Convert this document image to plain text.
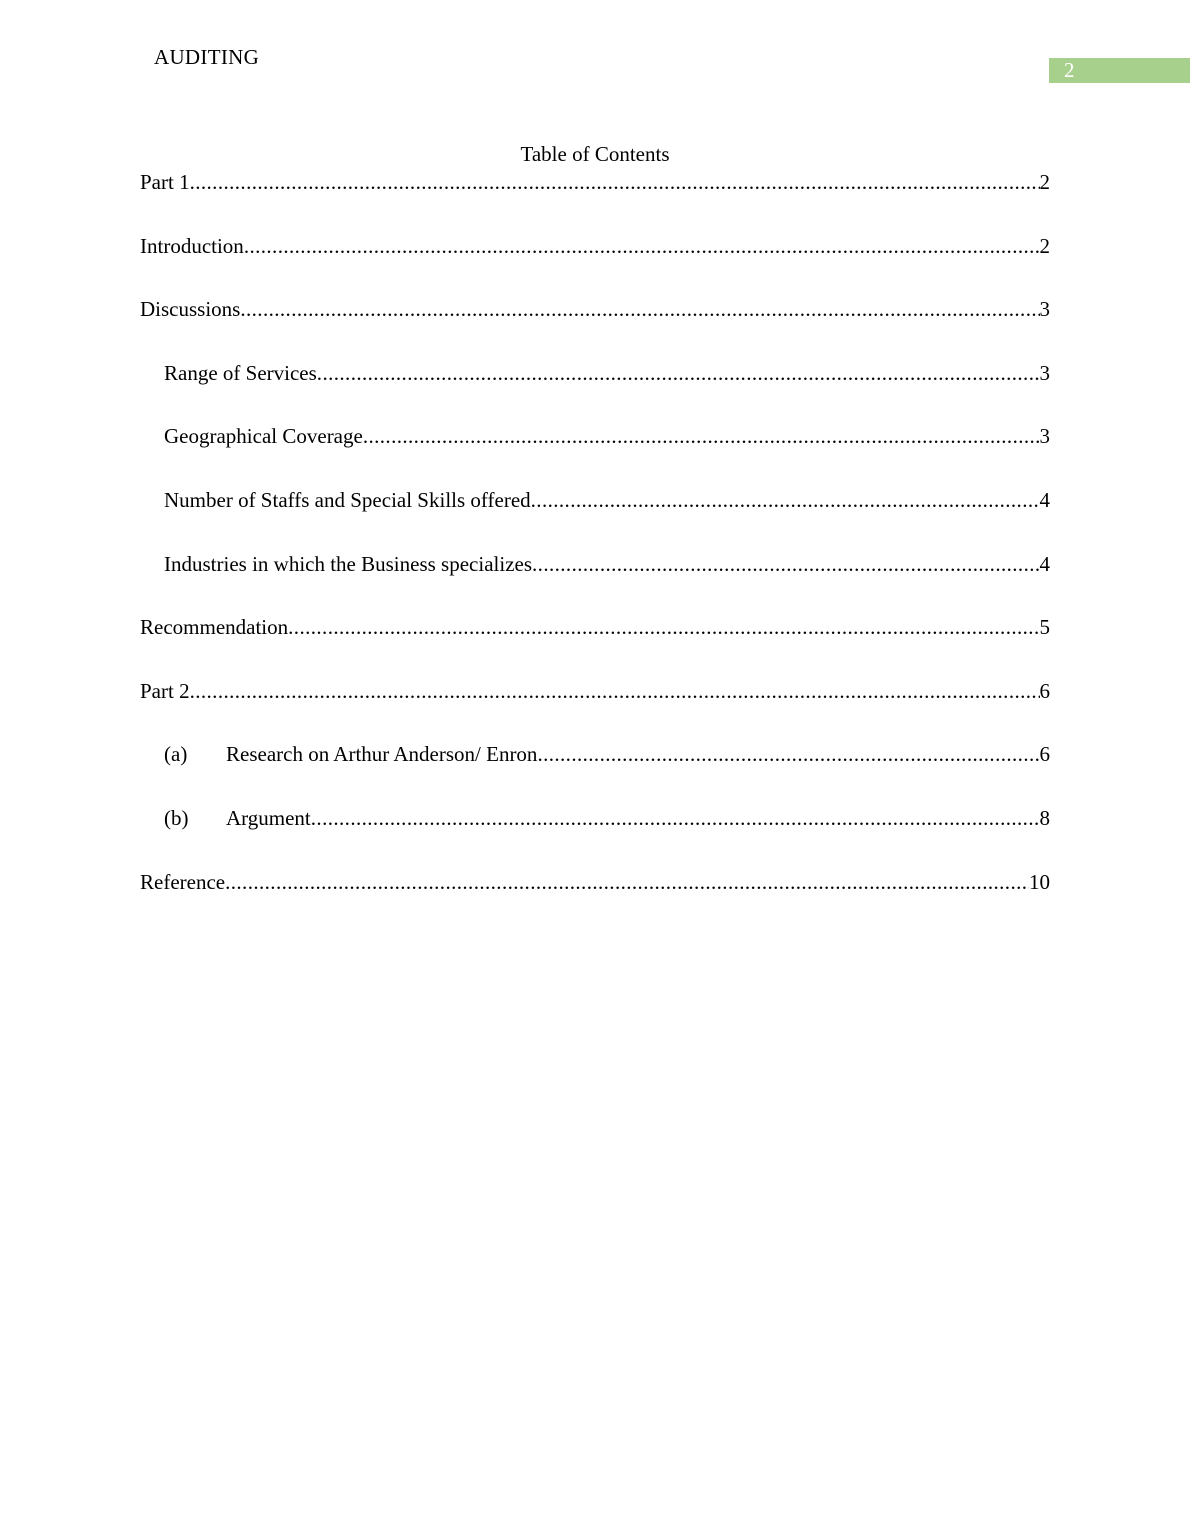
AUDITING
2
Table of Contents
Part 1 .....	2
Introduction .....	2
Discussions .....	3
Range of Services .....	3
Geographical Coverage .....	3
Number of Staffs and Special Skills offered .....	4
Industries in which the Business specializes .....	4
Recommendation .....	5
Part 2 .....	6
(a)	Research on Arthur Anderson/ Enron .....	6
(b)	Argument .....	8
Reference .....	10
